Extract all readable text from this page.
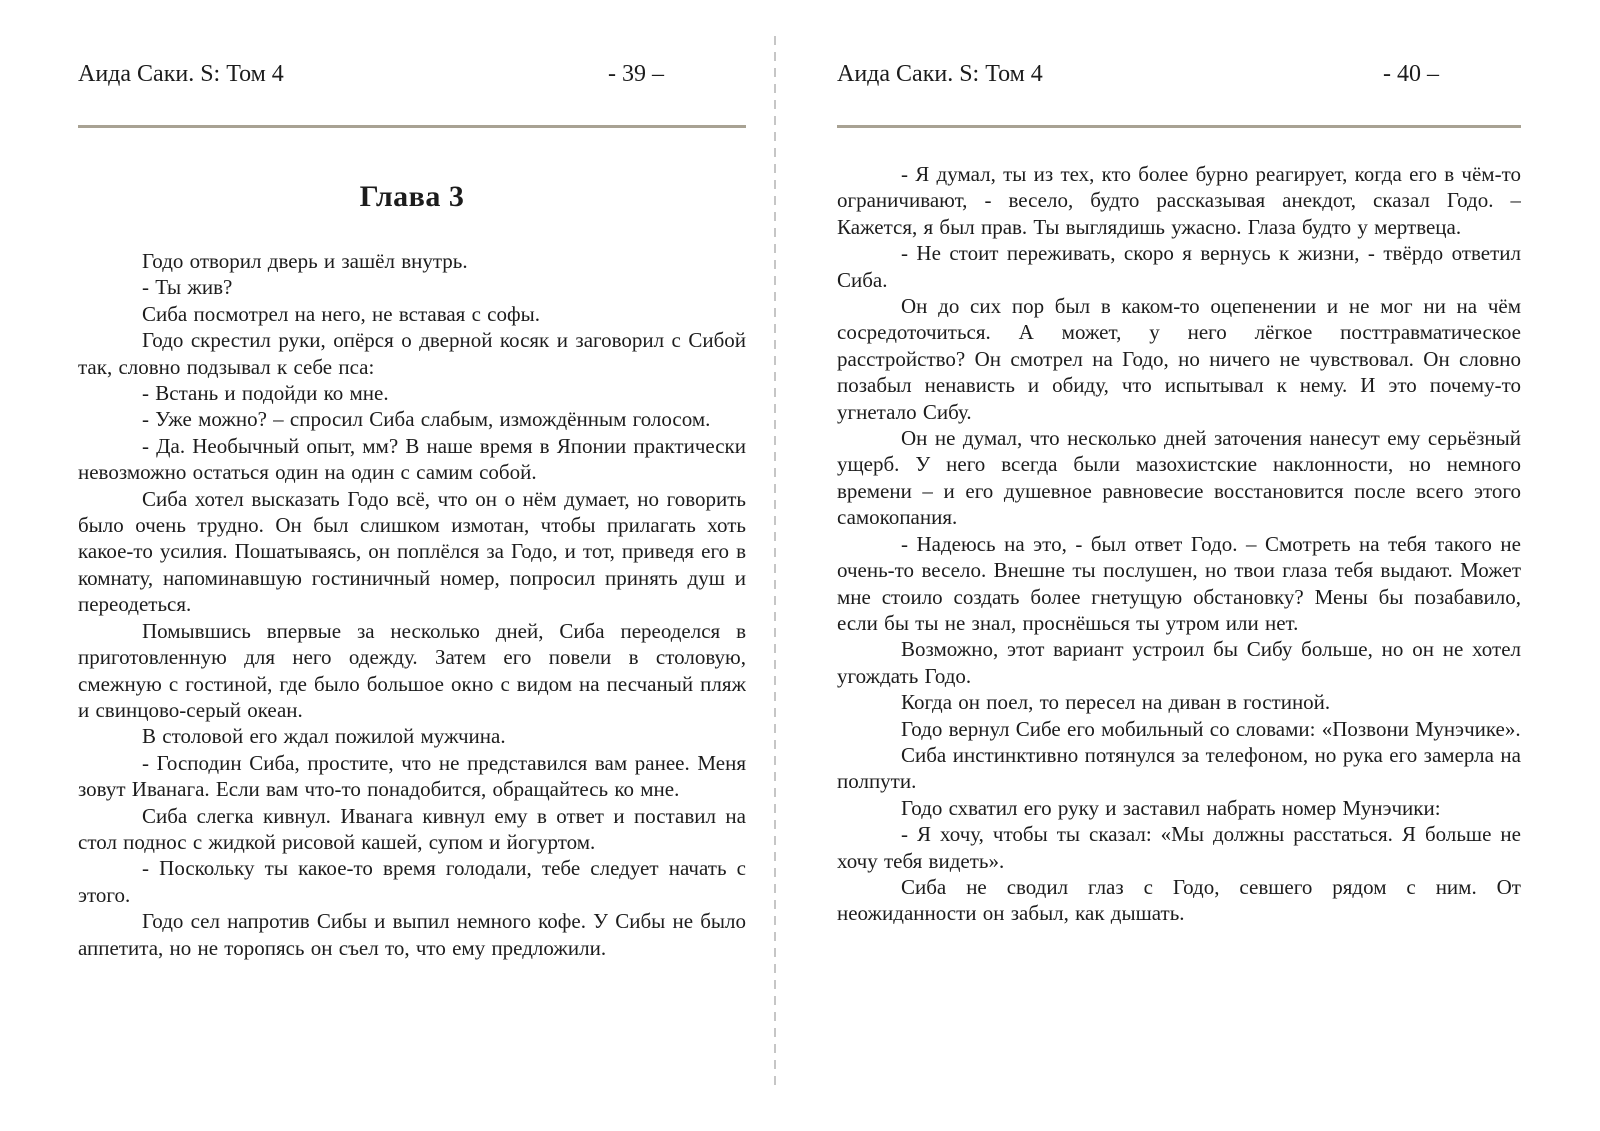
Аида Саки. S: Том 4	- 39 –
Глава 3

Годо отворил дверь и зашёл внутрь.

- Ты жив?

Сиба посмотрел на него, не вставая с софы.

Годо скрестил руки, опёрся о дверной косяк и заговорил с Сибой так, словно подзывал к себе пса:

- Встань и подойди ко мне.

- Уже можно? – спросил Сиба слабым, измождённым голосом.

- Да. Необычный опыт, мм? В наше время в Японии практически невозможно остаться один на один с самим собой.

Сиба хотел высказать Годо всё, что он о нём думает, но говорить было очень трудно. Он был слишком измотан, чтобы прилагать хоть какое-то усилия. Пошатываясь, он поплёлся за Годо, и тот, приведя его в комнату, напоминавшую гостиничный номер, попросил принять душ и переодеться.

Помывшись впервые за несколько дней, Сиба переоделся в приготовленную для него одежду. Затем его повели в столовую, смежную с гостиной, где было большое окно с видом на песчаный пляж и свинцово-серый океан.

В столовой его ждал пожилой мужчина.

- Господин Сиба, простите, что не представился вам ранее. Меня зовут Иванага. Если вам что-то понадобится, обращайтесь ко мне.

Сиба слегка кивнул. Иванага кивнул ему в ответ и поставил на стол поднос с жидкой рисовой кашей, супом и йогуртом.

- Поскольку ты какое-то время голодали, тебе следует начать с этого.

Годо сел напротив Сибы и выпил немного кофе. У Сибы не было аппетита, но не торопясь он съел то, что ему предложили.

Аида Саки. S: Том 4	- 40 –

- Я думал, ты из тех, кто более бурно реагирует, когда его в чём-то ограничивают, - весело, будто рассказывая анекдот, сказал Годо. – Кажется, я был прав. Ты выглядишь ужасно. Глаза будто у мертвеца.

- Не стоит переживать, скоро я вернусь к жизни, - твёрдо ответил Сиба.

Он до сих пор был в каком-то оцепенении и не мог ни на чём сосредоточиться. А может, у него лёгкое посттравматическое расстройство? Он смотрел на Годо, но ничего не чувствовал. Он словно позабыл ненависть и обиду, что испытывал к нему. И это почему-то угнетало Сибу.

Он не думал, что несколько дней заточения нанесут ему серьёзный ущерб. У него всегда были мазохистские наклонности, но немного времени – и его душевное равновесие восстановится после всего этого самокопания.

- Надеюсь на это, - был ответ Годо. – Смотреть на тебя такого не очень-то весело. Внешне ты послушен, но твои глаза тебя выдают. Может мне стоило создать более гнетущую обстановку? Мены бы позабавило, если бы ты не знал, проснёшься ты утром или нет.

Возможно, этот вариант устроил бы Сибу больше, но он не хотел угождать Годо.

Когда он поел, то пересел на диван в гостиной.

Годо вернул Сибе его мобильный со словами: «Позвони Мунэчике».

Сиба инстинктивно потянулся за телефоном, но рука его замерла на полпути.

Годо схватил его руку и заставил набрать номер Мунэчики:

- Я хочу, чтобы ты сказал: «Мы должны расстаться. Я больше не хочу тебя видеть».

Сиба не сводил глаз с Годо, севшего рядом с ним. От неожиданности он забыл, как дышать.
